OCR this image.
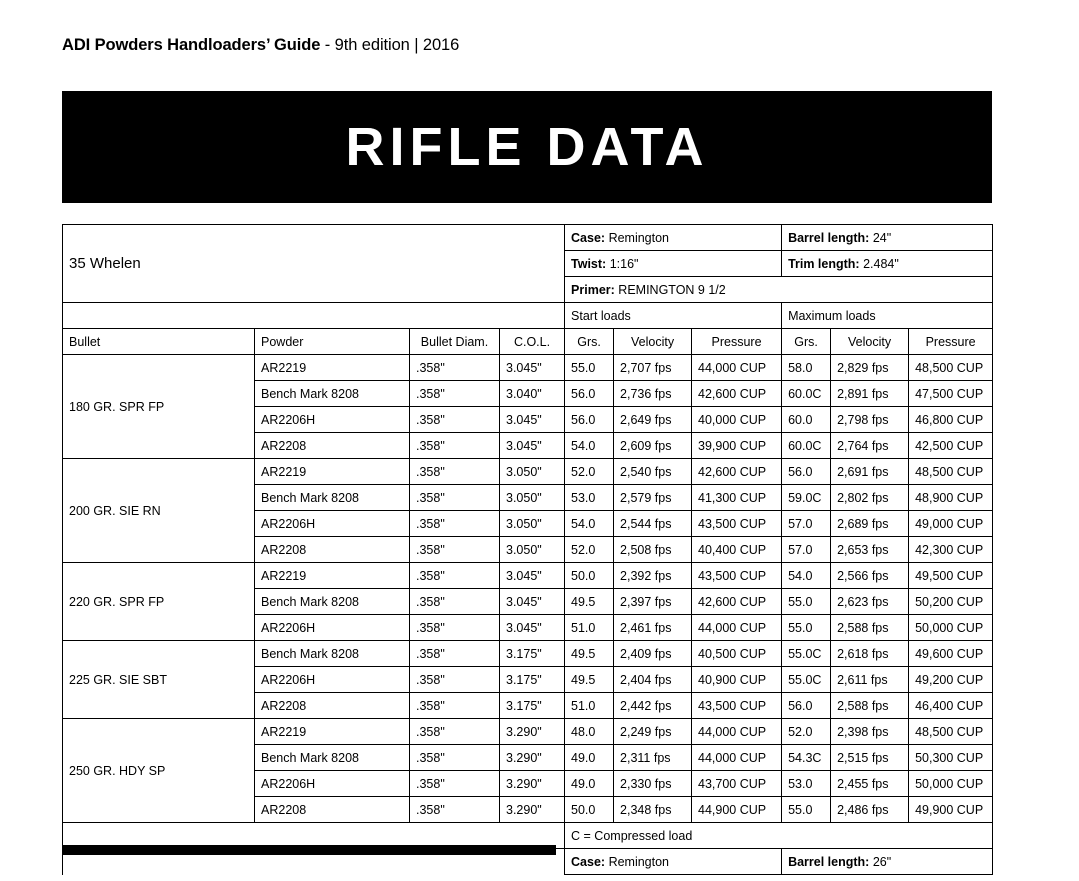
ADI Powders Handloaders’ Guide - 9th edition | 2016
RIFLE DATA
35 Whelen				Case: Remington			Barrel length: 24"		
				Twist: 1:16"			Trim length: 2.484"		
				Primer: REMINGTON 9 1/2					
				Start loads			Maximum loads		
Bullet	Powder	Bullet Diam.	C.O.L.	Grs.	Velocity	Pressure	Grs.	Velocity	Pressure
180 GR. SPR FP	AR2219	.358"	3.045"	55.0	2,707 fps	44,000 CUP	58.0	2,829 fps	48,500 CUP
	Bench Mark 8208	.358"	3.040"	56.0	2,736 fps	42,600 CUP	60.0C	2,891 fps	47,500 CUP
	AR2206H	.358"	3.045"	56.0	2,649 fps	40,000 CUP	60.0	2,798 fps	46,800 CUP
	AR2208	.358"	3.045"	54.0	2,609 fps	39,900 CUP	60.0C	2,764 fps	42,500 CUP
200 GR. SIE RN	AR2219	.358"	3.050"	52.0	2,540 fps	42,600 CUP	56.0	2,691 fps	48,500 CUP
	Bench Mark 8208	.358"	3.050"	53.0	2,579 fps	41,300 CUP	59.0C	2,802 fps	48,900 CUP
	AR2206H	.358"	3.050"	54.0	2,544 fps	43,500 CUP	57.0	2,689 fps	49,000 CUP
	AR2208	.358"	3.050"	52.0	2,508 fps	40,400 CUP	57.0	2,653 fps	42,300 CUP
220 GR. SPR FP	AR2219	.358"	3.045"	50.0	2,392 fps	43,500 CUP	54.0	2,566 fps	49,500 CUP
	Bench Mark 8208	.358"	3.045"	49.5	2,397 fps	42,600 CUP	55.0	2,623 fps	50,200 CUP
	AR2206H	.358"	3.045"	51.0	2,461 fps	44,000 CUP	55.0	2,588 fps	50,000 CUP
225 GR. SIE SBT	Bench Mark 8208	.358"	3.175"	49.5	2,409 fps	40,500 CUP	55.0C	2,618 fps	49,600 CUP
	AR2206H	.358"	3.175"	49.5	2,404 fps	40,900 CUP	55.0C	2,611 fps	49,200 CUP
	AR2208	.358"	3.175"	51.0	2,442 fps	43,500 CUP	56.0	2,588 fps	46,400 CUP
250 GR. HDY SP	AR2219	.358"	3.290"	48.0	2,249 fps	44,000 CUP	52.0	2,398 fps	48,500 CUP
	Bench Mark 8208	.358"	3.290"	49.0	2,311 fps	44,000 CUP	54.3C	2,515 fps	50,300 CUP
	AR2206H	.358"	3.290"	49.0	2,330 fps	43,700 CUP	53.0	2,455 fps	50,000 CUP
	AR2208	.358"	3.290"	50.0	2,348 fps	44,900 CUP	55.0	2,486 fps	49,900 CUP
				C = Compressed load					
				Case: Remington			Barrel length: 26"		
